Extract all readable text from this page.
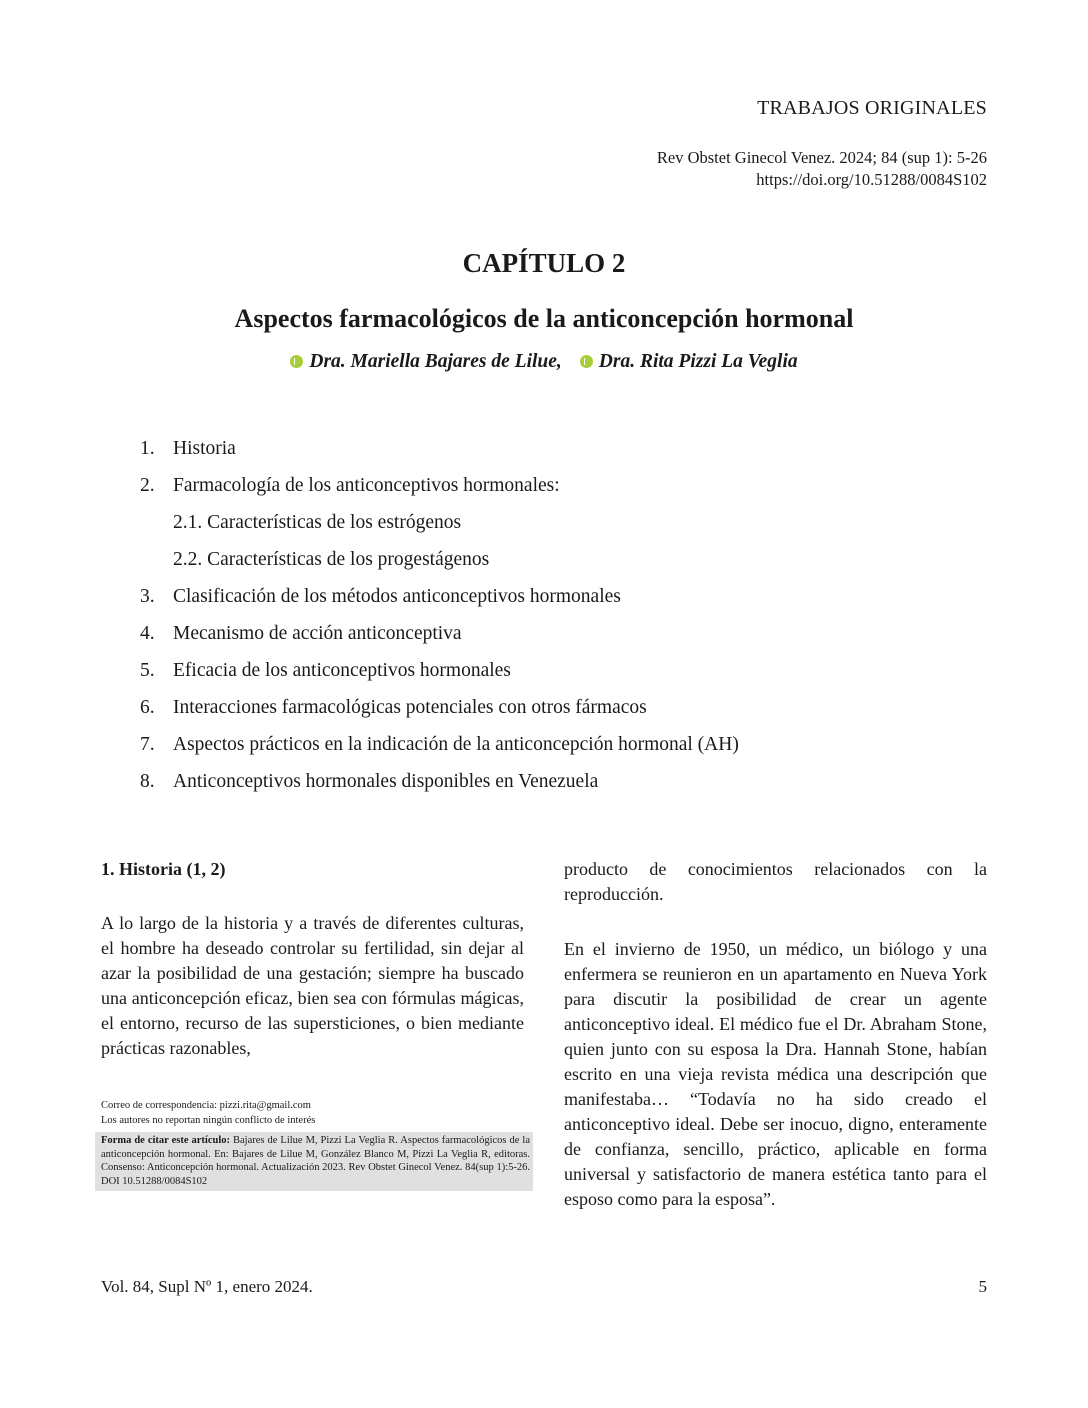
TRABAJOS ORIGINALES
Rev Obstet Ginecol Venez. 2024; 84 (sup 1): 5-26
https://doi.org/10.51288/0084S102
CAPÍTULO 2
Aspectos farmacológicos de la anticoncepción hormonal
Dra. Mariella Bajares de Lilue, Dra. Rita Pizzi La Veglia
1. Historia
2. Farmacología de los anticonceptivos hormonales:
2.1. Características de los estrógenos
2.2. Características de los progestágenos
3. Clasificación de los métodos anticonceptivos hormonales
4. Mecanismo de acción anticonceptiva
5. Eficacia de los anticonceptivos hormonales
6. Interacciones farmacológicas potenciales con otros fármacos
7. Aspectos prácticos en la indicación de la anticoncepción hormonal (AH)
8. Anticonceptivos hormonales disponibles en Venezuela
1. Historia (1, 2)
A lo largo de la historia y a través de diferentes culturas, el hombre ha deseado controlar su fertilidad, sin dejar al azar la posibilidad de una gestación; siempre ha buscado una anticoncepción eficaz, bien sea con fórmulas mágicas, el entorno, recurso de las supersticiones, o bien mediante prácticas razonables,
producto de conocimientos relacionados con la reproducción.
En el invierno de 1950, un médico, un biólogo y una enfermera se reunieron en un apartamento en Nueva York para discutir la posibilidad de crear un agente anticonceptivo ideal. El médico fue el Dr. Abraham Stone, quien junto con su esposa la Dra. Hannah Stone, habían escrito en una vieja revista médica una descripción que manifestaba… “Todavía no ha sido creado el anticonceptivo ideal. Debe ser inocuo, digno, enteramente de confianza, sencillo, práctico, aplicable en forma universal y satisfactorio de manera estética tanto para el esposo como para la esposa”.
Correo de correspondencia: pizzi.rita@gmail.com
Los autores no reportan ningún conflicto de interés
Forma de citar este artículo: Bajares de Lilue M, Pizzi La Veglia R. Aspectos farmacológicos de la anticoncepción hormonal. En: Bajares de Lilue M, González Blanco M, Pizzi La Veglia R, editoras. Consenso: Anticoncepción hormonal. Actualización 2023. Rev Obstet Ginecol Venez. 84(sup 1):5-26. DOI 10.51288/0084S102
Vol. 84, Supl Nº 1, enero 2024.	5
